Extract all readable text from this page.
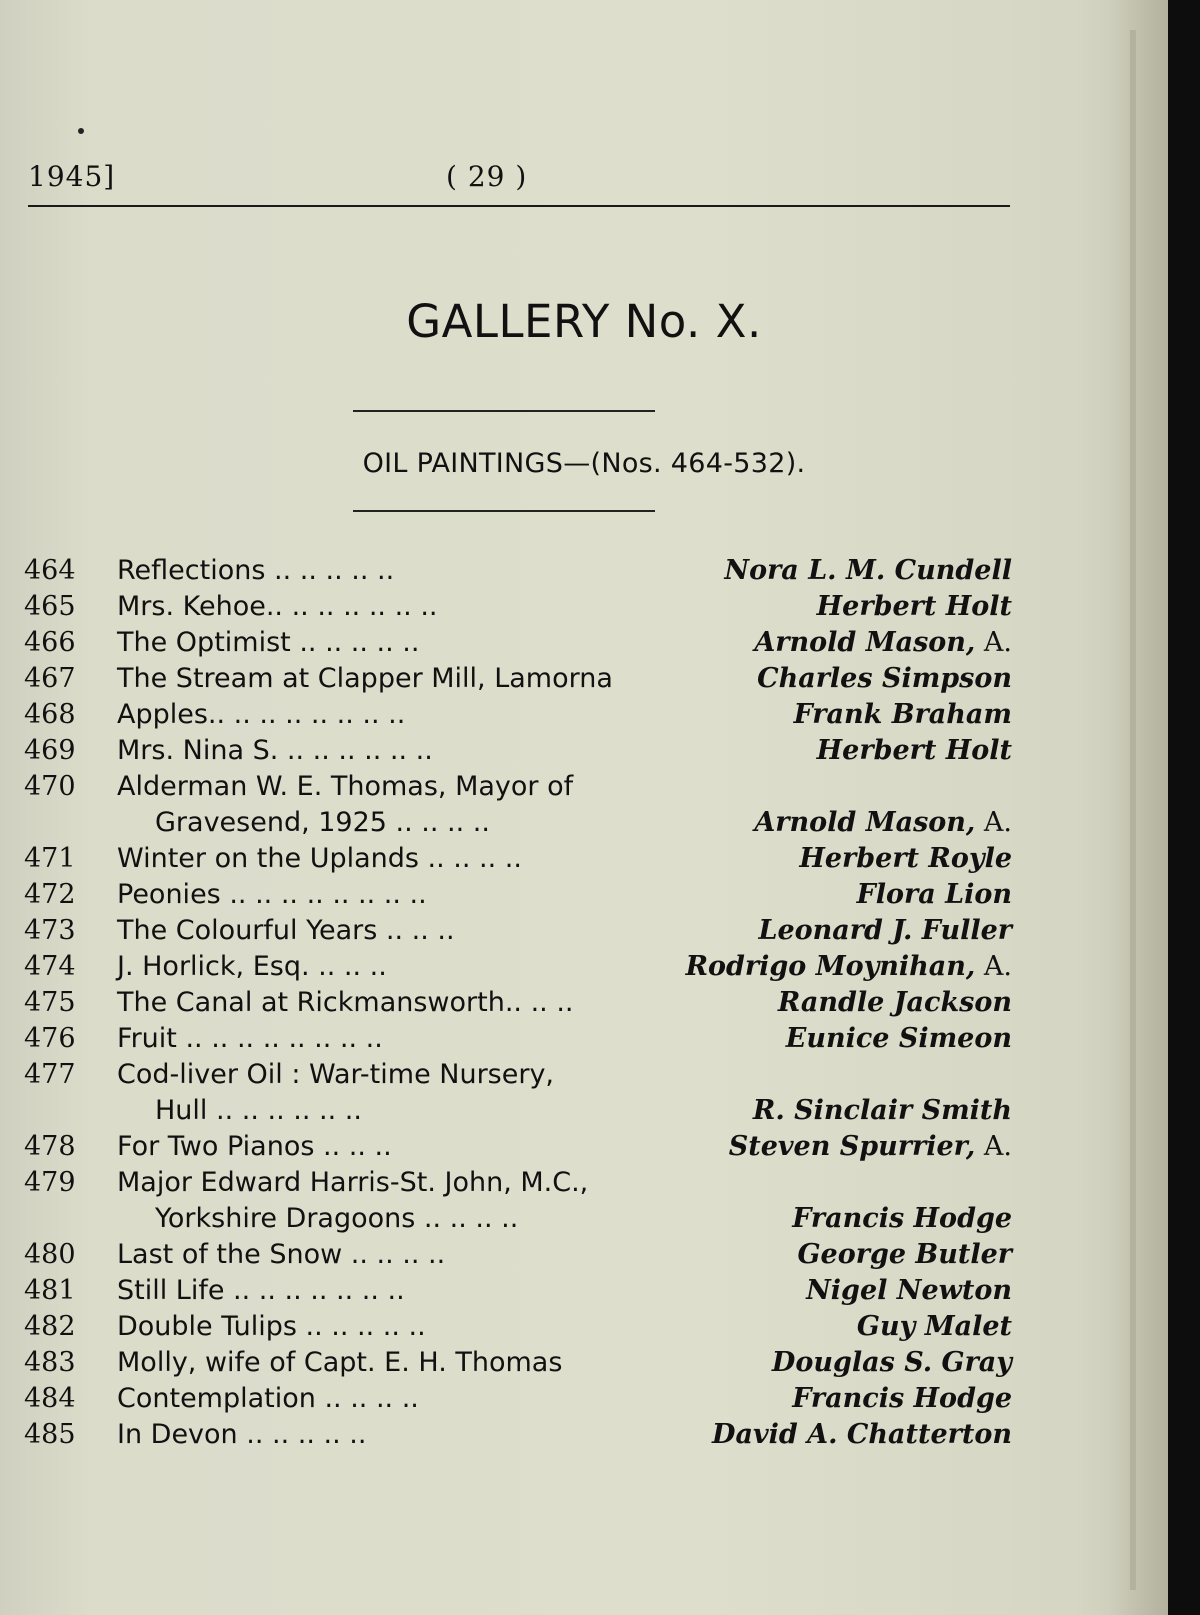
1945]	( 29 )
GALLERY No. X.
OIL PAINTINGS—(Nos. 464-532).
464	Reflections .. .. .. .. ..	Nora L. M. Cundell
465	Mrs. Kehoe.. .. .. .. .. .. ..	Herbert Holt
466	The Optimist .. .. .. .. ..	Arnold Mason, A.
467	The Stream at Clapper Mill, Lamorna	Charles Simpson
468	Apples.. .. .. .. .. .. .. ..	Frank Braham
469	Mrs. Nina S. .. .. .. .. .. ..	Herbert Holt
470	Alderman W. E. Thomas, Mayor of
Gravesend, 1925 .. .. .. ..	Arnold Mason, A.
471	Winter on the Uplands .. .. .. ..	Herbert Royle
472	Peonies .. .. .. .. .. .. .. ..	Flora Lion
473	The Colourful Years .. .. ..	Leonard J. Fuller
474	J. Horlick, Esq. .. .. ..	Rodrigo Moynihan, A.
475	The Canal at Rickmansworth.. .. ..	Randle Jackson
476	Fruit .. .. .. .. .. .. .. ..	Eunice Simeon
477	Cod-liver Oil : War-time Nursery,
Hull .. .. .. .. .. ..	R. Sinclair Smith
478	For Two Pianos .. .. ..	Steven Spurrier, A.
479	Major Edward Harris-St. John, M.C.,
Yorkshire Dragoons .. .. .. ..	Francis Hodge
480	Last of the Snow .. .. .. ..	George Butler
481	Still Life .. .. .. .. .. .. ..	Nigel Newton
482	Double Tulips .. .. .. .. ..	Guy Malet
483	Molly, wife of Capt. E. H. Thomas	Douglas S. Gray
484	Contemplation .. .. .. ..	Francis Hodge
485	In Devon .. .. .. .. ..	David A. Chatterton
